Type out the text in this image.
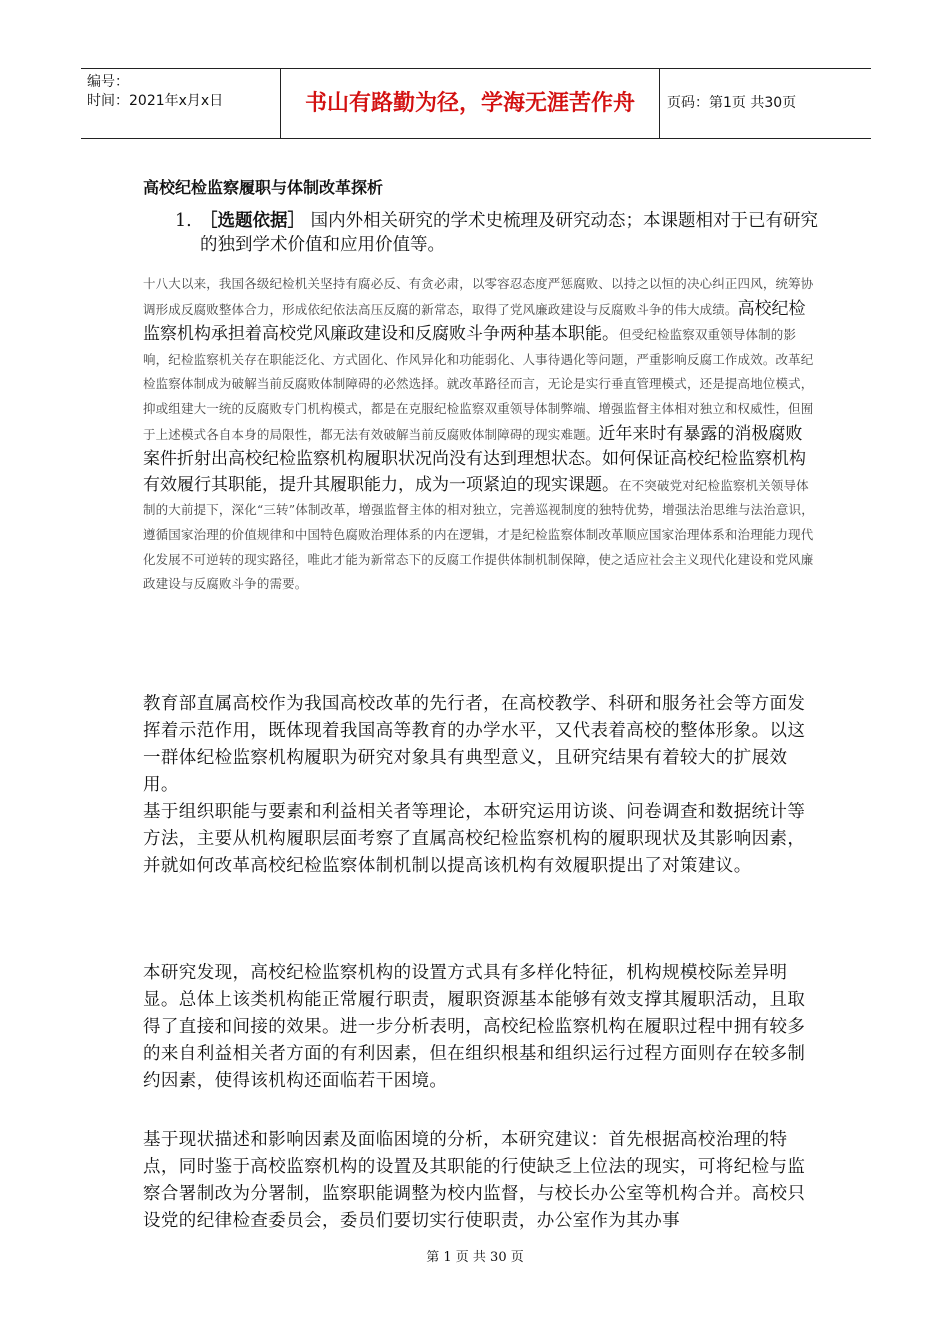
编号：
时间：2021年x月x日	书山有路勤为径，学海无涯苦作舟	页码：第1页 共30页
高校纪检监察履职与体制改革探析
1. ［选题依据］ 国内外相关研究的学术史梳理及研究动态；本课题相对于已有研究的独到学术价值和应用价值等。
十八大以来，我国各级纪检机关坚持有腐必反、有贪必肃，以零容忍态度严惩腐败、以持之以恒的决心纠正四风，统筹协调形成反腐败整体合力，形成依纪依法高压反腐的新常态，取得了党风廉政建设与反腐败斗争的伟大成绩。高校纪检监察机构承担着高校党风廉政建设和反腐败斗争两种基本职能。但受纪检监察双重领导体制的影响，纪检监察机关存在职能泛化、方式固化、作风异化和功能弱化、人事待遇化等问题，严重影响反腐工作成效。改革纪检监察体制成为破解当前反腐败体制障碍的必然选择。就改革路径而言，无论是实行垂直管理模式，还是提高地位模式，抑或组建大一统的反腐败专门机构模式，都是在克服纪检监察双重领导体制弊端、增强监督主体相对独立和权威性，但囿于上述模式各自本身的局限性，都无法有效破解当前反腐败体制障碍的现实难题。近年来时有暴露的消极腐败案件折射出高校纪检监察机构履职状况尚没有达到理想状态。如何保证高校纪检监察机构有效履行其职能，提升其履职能力，成为一项紧迫的现实课题。在不突破党对纪检监察机关领导体制的大前提下，深化“三转”体制改革，增强监督主体的相对独立，完善巡视制度的独特优势，增强法治思维与法治意识，遵循国家治理的价值规律和中国特色腐败治理体系的内在逻辑，才是纪检监察体制改革顺应国家治理体系和治理能力现代化发展不可逆转的现实路径，唯此才能为新常态下的反腐工作提供体制机制保障，使之适应社会主义现代化建设和党风廉政建设与反腐败斗争的需要。
教育部直属高校作为我国高校改革的先行者，在高校教学、科研和服务社会等方面发挥着示范作用，既体现着我国高等教育的办学水平，又代表着高校的整体形象。以这一群体纪检监察机构履职为研究对象具有典型意义，且研究结果有着较大的扩展效用。
基于组织职能与要素和利益相关者等理论，本研究运用访谈、问卷调查和数据统计等方法，主要从机构履职层面考察了直属高校纪检监察机构的履职现状及其影响因素，并就如何改革高校纪检监察体制机制以提高该机构有效履职提出了对策建议。
本研究发现，高校纪检监察机构的设置方式具有多样化特征，机构规模校际差异明显。总体上该类机构能正常履行职责，履职资源基本能够有效支撑其履职活动，且取得了直接和间接的效果。进一步分析表明，高校纪检监察机构在履职过程中拥有较多的来自利益相关者方面的有利因素，但在组织根基和组织运行过程方面则存在较多制约因素，使得该机构还面临若干困境。
基于现状描述和影响因素及面临困境的分析，本研究建议：首先根据高校治理的特点，同时鉴于高校监察机构的设置及其职能的行使缺乏上位法的现实，可将纪检与监察合署制改为分署制，监察职能调整为校内监督，与校长办公室等机构合并。高校只设党的纪律检查委员会，委员们要切实行使职责，办公室作为其办事
第 1 页 共 30 页
